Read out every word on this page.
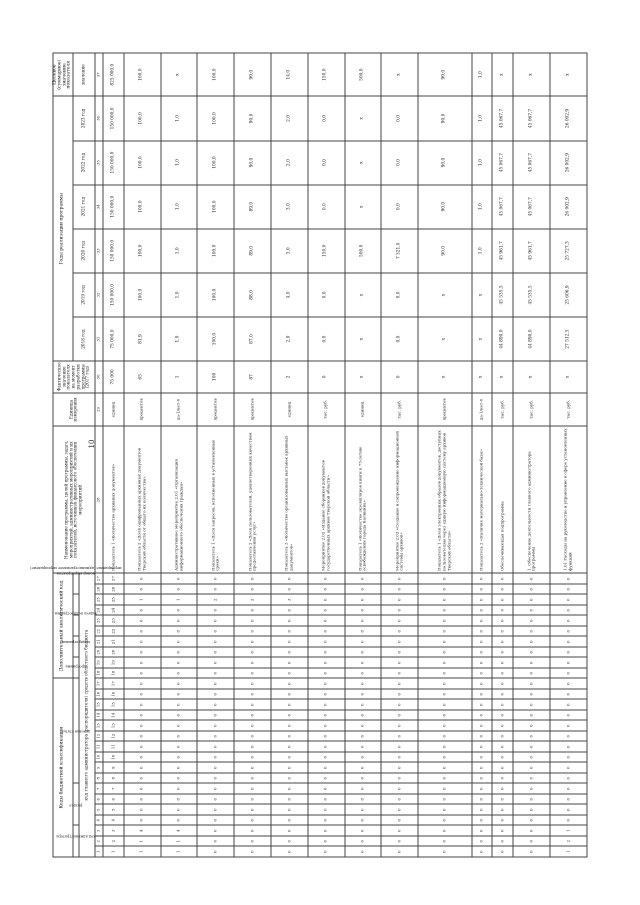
10
Коды бюджетной классификации																	Дополнительный аналитический код										Наименование программы, целей программы, задач, мероприятий, административных мероприятий и их показателей, источников финансового обеспечения мероприятий	Единица измерения	Фактическое значение показателя на момент разработки программы (2017 год)	Годы реализации программы						Целевое (суммарное) значение показателя
код администратора			раздел				целевая статья										программа		подпрограмма		задача подпрограммы		мероприятие (административное мероприятие)		номер мероприятия					2018 год	2019 год	2020 год	2021 год	2022 год	2023 год	значение
код главного администратора (распорядителя) средств областного бюджета																																				
1	2	3	4	5	6	7	8	9	10	11	12	13	14	15	16	17	18	19	20	21	22	23	24	25	26	27	28	29	30	31	32	33	34	35	36	37
1	2	3	4	5	6	7	8	9	10	11	12	13	14	15	16	17	18	19	20	21	22	23	24	25	26	27	Показатель 1 «Количество архивных документов»	единиц	75 000	75 000,0	150 000,0	150 000,0	150 000,0	150 000,0	150 000,0	825 000,0
1	1	4	0	0	0	0	0	0	0	0	0	0	0	0	0	0	0	0	0	0	0	0	0	1	0	0	Показатель 2 «Доля оцифрованных архивных документов Тверской области от общего их количества»	процентов	65	81,9	100,0	100,0	100,0	100,0	100,0	100,0
1	1	4	0	0	0	0	0	0	0	0	0	0	0	0	0	0	0	0	0	0	0	0	0	1	0	0	Административное мероприятие 2.01 «Организация информационного обеспечения граждан»	да-1/нет-0	1	1,0	1,0	1,0	1,0	1,0	1,0	х
0	0	0	0	0	0	0	0	0	0	0	0	0	0	0	0	0	0	0	0	0	0	0	0	2	0	0	Показатель 1 «Доля запросов, исполненных в установленные сроки»	процентов	100	100,0	100,0	100,0	100,0	100,0	100,0	100,0
0	0	0	0	0	0	0	0	0	0	0	0	0	0	0	0	0	0	0	0	0	0	0	0	2	0	0	Показатель 2 «Доля пользователей, удовлетворенных качеством предоставления услуг»	процентов	87	87,0	88,0	89,0	89,0	90,0	90,0	90,0
0	0	0	0	0	0	0	0	0	0	0	0	0	0	0	0	0	0	0	0	0	0	0	0	3	0	0	Показатель 3 «Количество организованных выставок архивных документов»	единиц	2	2,0	4,0	3,0	3,0	2,0	2,0	14,0
0	0	0	0	0	0	0	0	0	0	0	0	0	0	0	0	0	0	0	0	0	0	0	0	0	0	0	Мероприятие 2.02 «Издание сборников документов государственных архивов Тверской области»	тыс. руб.	0	0,0	0,0	150,0	0,0	0,0	0,0	150,0
0	0	0	0	0	0	0	0	0	0	0	0	0	0	0	0	0	0	0	0	0	0	0	0	0	0	0	Показатель 1 «Количество экземпляров книги к 75-летию освобождения города Калинина»	единиц	х	х	х	500,0	х	х	х	500,0
0	0	0	0	0	0	0	0	0	0	0	0	0	0	0	0	0	0	0	0	0	0	0	0	0	0	0	Мероприятие 2.03 «Создание и сопровождение информационной системы архивов»	тыс. руб.	0	0,0	0,0	7 321,0	0,0	0,0	0,0	х
0	0	0	0	0	0	0	0	0	0	0	0	0	0	0	0	0	0	0	0	0	0	0	0	0	0	0	Показатель 1 «Доля электронных образов документов, доступных пользователям через единую информационную систему архивов Тверской области»	процентов	х	х	х	90,0	90,0	90,0	90,0	90,0
0	0	0	0	0	0	0	0	0	0	0	0	0	0	0	0	0	0	0	0	0	0	0	0	0	0	0	Показатель 2 «Наличие материально-технической базы»	да-1/нет-0	х	х	х	1,0	1,0	1,0	1,0	1,0
0	0	0	0	0	0	0	0	0	0	0	0	0	0	0	0	0	0	0	0	0	0	0	0	0	0	0	Обеспечивающая подпрограмма	тыс. руб.	х	44 890,0	45 535,5	45 961,7	45 067,7	45 067,7	45 067,7	х
0	0	0	0	0	0	0	0	0	0	0	0	0	0	0	0	0	0	0	0	0	0	0	0	0	0	0	1. Обеспечение деятельности главного администратора программы	тыс. руб.	х	44 890,0	45 535,5	45 961,7	45 067,7	45 067,7	45 067,7	х
1	2	1	0	0	0	0	0	0	0	0	0	0	0	0	0	0	0	0	0	0	0	0	0	0	0	0	1.01 Расходы на руководство и управление в сфере установленных функций	тыс. руб.	х	27 512,5	25 606,9	25 727,3	26 002,9	26 002,9	26 002,9	х
